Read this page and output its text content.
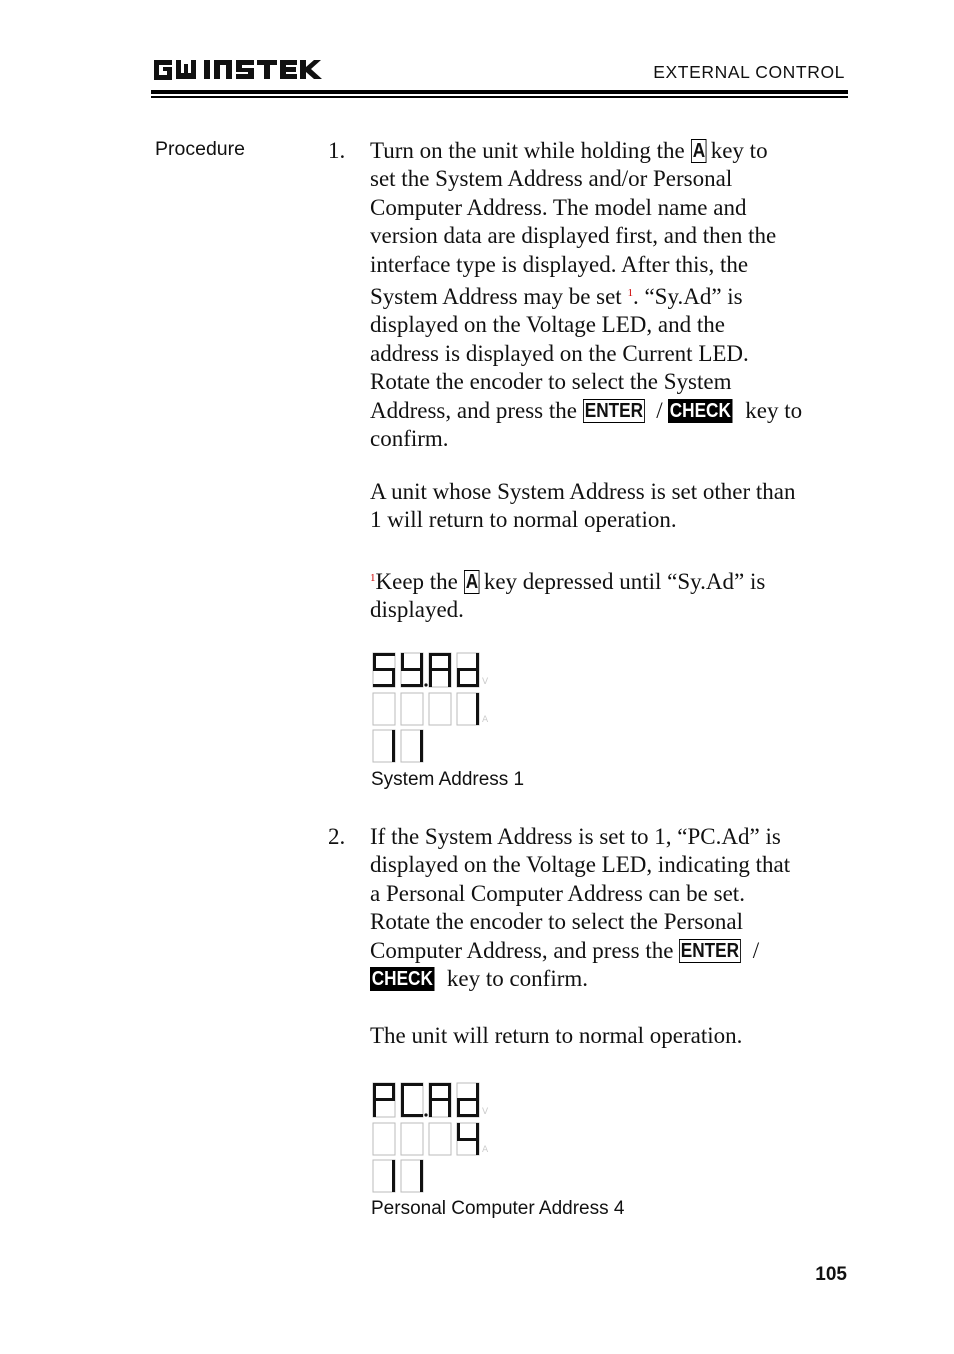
EXTERNAL CONTROL
Procedure	1. Turn on the unit while holding the A key to
set the System Address and/or Personal
Computer Address. The model name and
version data are displayed first, and then the
interface type is displayed. After this, the
System Address may be set $^1$. “Sy.Ad” is
displayed on the Voltage LED, and the
address is displayed on the Current LED.
Rotate the encoder to select the System
Address, and press the ENTER / CHECK key to
confirm.
A unit whose System Address is set other than
1 will return to normal operation.
$^1$Keep the A key depressed until “Sy.Ad” is
displayed.
V
A
System Address 1
2. If the System Address is set to 1, “PC.Ad” is
displayed on the Voltage LED, indicating that
a Personal Computer Address can be set.
Rotate the encoder to select the Personal
Computer Address, and press the ENTER /
CHECK key to confirm.
The unit will return to normal operation.
V
A
Personal Computer Address 4
105
